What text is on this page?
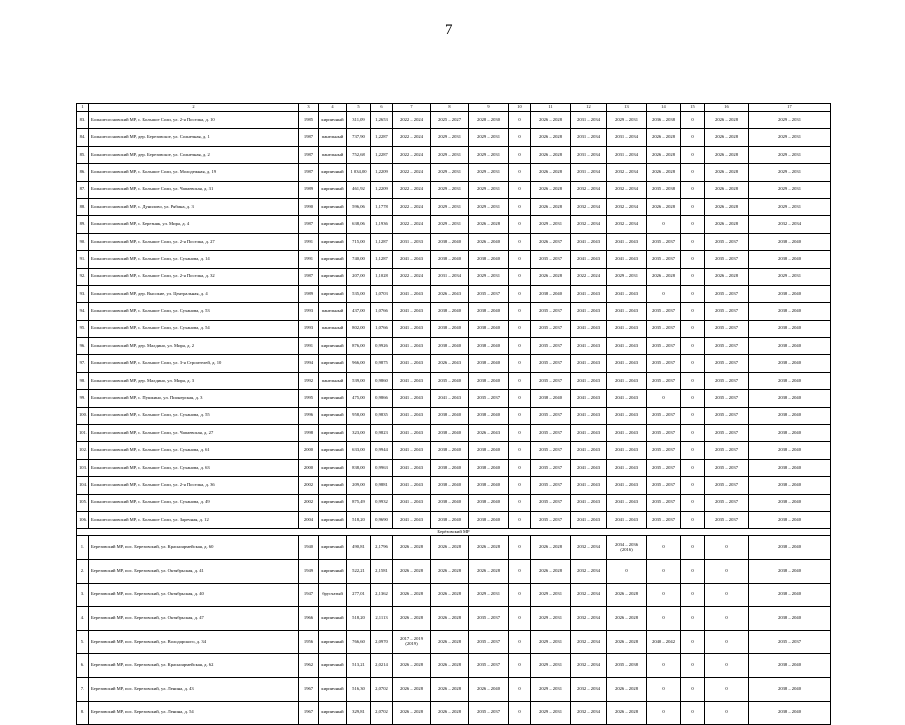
7
1	2	3	4	5	6	7	8	9	10	11	12	13	14	15	16	17
83.	Большесосновский МР, с. Большое Соли, ул. 2-я Поселка, д. 10	1985	кирпичный	311,09	1,2653	2022 – 2024	2025 – 2027	2028 – 2030	0	2026 – 2028	2031 – 2034	2029 – 2031	2036 – 2038	0	2026 – 2028	2029 – 2031
84.	Большесосновский МР, дер. Березовское, ул. Солнечная, д. 1	1987	панельный	737,90	1,2287	2022 – 2024	2029 – 2031	2029 – 2031	0	2026 – 2028	2031 – 2034	2031 – 2034	2026 – 2028	0	2026 – 2028	2029 – 2031
85.	Большесосновский МР, дер. Березовское, ул. Солнечная, д. 2	1987	панельный	752,68	1,2287	2022 – 2024	2029 – 2031	2029 – 2031	0	2026 – 2028	2031 – 2034	2031 – 2034	2026 – 2028	0	2026 – 2028	2029 – 2031
86.	Большесосновский МР, с. Большое Соли, ул. Молодежная, д. 19	1987	кирпичный	1 034,00	1,2209	2022 – 2024	2029 – 2031	2029 – 2031	0	2026 – 2028	2031 – 2034	2032 – 2034	2026 – 2028	0	2026 – 2028	2029 – 2031
87.	Большесосновский МР, с. Большое Соли, ул. Чапаевская, д. 31	1989	кирпичный	461,92	1,2209	2022 – 2024	2029 – 2031	2029 – 2031	0	2026 – 2028	2032 – 2034	2032 – 2034	2035 – 2038	0	2026 – 2028	2029 – 2031
88.	Большесосновский МР, с. Дунилово, ул. Рябина, д. 3	1990	кирпичный	596,06	1,1778	2022 – 2024	2029 – 2031	2029 – 2031	0	2026 – 2028	2032 – 2034	2032 – 2034	2026 – 2028	0	2026 – 2028	2029 – 2031
89.	Большесосновский МР, с. Березняк, ул. Мира, д. 4	1987	кирпичный	638,06	1,1936	2022 – 2024	2029 – 2031	2026 – 2028	0	2029 – 2031	2032 – 2034	2032 – 2034	0	0	2026 – 2028	2032 – 2034
90.	Большесосновский МР, с. Большое Соли, ул. 2-я Поселка, д. 27	1991	кирпичный	715,00	1,1287	2031 – 2033	2038 – 2040	2026 – 2040	0	2026 – 2037	2041 – 2043	2041 – 2043	2035 – 2037	0	2035 – 2037	2038 – 2040
91.	Большесосновский МР, с. Большое Соли, ул. Суханова, д. 14	1991	кирпичный	740,00	1,1287	2041 – 2043	2038 – 2040	2038 – 2040	0	2035 – 2037	2041 – 2043	2041 – 2043	2035 – 2037	0	2035 – 2037	2038 – 2040
92.	Большесосновский МР, с. Большое Соли, ул. 2-я Поселка, д. 32	1987	кирпичный	207,00	1,1028	2022 – 2024	2031 – 2034	2029 – 2031	0	2026 – 2028	2022 – 2024	2029 – 2031	2026 – 2028	0	2026 – 2028	2029 – 2031
93.	Большесосновский МР, дер. Высокие, ул. Центральная, д. 4	1989	кирпичный	535,00	1,0703	2041 – 2043	2026 – 2043	2035 – 2037	0	2038 – 2040	2041 – 2043	2041 – 2043	0	0	2035 – 2037	2038 – 2040
94.	Большесосновский МР, с. Большое Соли, ул. Суханова, д. 53	1993	панельный	437,00	1,0766	2041 – 2043	2038 – 2040	2038 – 2040	0	2035 – 2037	2041 – 2043	2041 – 2043	2035 – 2037	0	2035 – 2037	2038 – 2040
95.	Большесосновский МР, с. Большое Соли, ул. Суханова, д. 54	1993	панельный	802,00	1,0766	2041 – 2043	2038 – 2040	2038 – 2040	0	2035 – 2037	2041 – 2043	2041 – 2043	2035 – 2037	0	2035 – 2037	2038 – 2040
96.	Большесосновский МР, дер. Малдино, ул. Мира, д. 2	1991	кирпичный	876,00	0,9926	2041 – 2043	2038 – 2040	2038 – 2040	0	2035 – 2037	2041 – 2043	2041 – 2043	2035 – 2037	0	2035 – 2037	2038 – 2040
97.	Большесосновский МР, с. Большое Соли, ул. 3-я Строителей, д. 10	1994	кирпичный	966,00	0,9875	2041 – 2043	2026 – 2043	2038 – 2040	0	2035 – 2037	2041 – 2043	2041 – 2043	2035 – 2037	0	2035 – 2037	2038 – 2040
98.	Большесосновский МР, дер. Малдино, ул. Мира, д. 3	1992	панельный	539,00	0,9860	2041 – 2043	2035 – 2040	2038 – 2040	0	2035 – 2037	2041 – 2043	2041 – 2043	2035 – 2037	0	2035 – 2037	2038 – 2040
99.	Большесосновский МР, с. Пушкино, ул. Пионерская, д. 3	1995	кирпичный	475,00	0,9866	2041 – 2043	2041 – 2043	2035 – 2037	0	2038 – 2040	2041 – 2043	2041 – 2043	0	0	2035 – 2037	2038 – 2040
100.	Большесосновский МР, с. Большое Соли, ул. Суханова, д. 55	1996	кирпичный	958,00	0,9835	2041 – 2043	2038 – 2040	2038 – 2040	0	2035 – 2037	2041 – 2043	2041 – 2043	2035 – 2037	0	2035 – 2037	2038 – 2040
101.	Большесосновский МР, с. Большое Соли, ул. Чапаевская, д. 27	1998	кирпичный	323,00	0,9823	2041 – 2043	2038 – 2040	2026 – 2043	0	2035 – 2037	2041 – 2043	2041 – 2043	2035 – 2037	0	2035 – 2037	2038 – 2040
102.	Большесосновский МР, с. Большое Соли, ул. Суханова, д. 61	2000	кирпичный	633,00	0,9944	2041 – 2043	2038 – 2040	2038 – 2040	0	2035 – 2037	2041 – 2043	2041 – 2043	2035 – 2037	0	2035 – 2037	2038 – 2040
103.	Большесосновский МР, с. Большое Соли, ул. Суханова, д. 63	2000	кирпичный	838,00	0,9963	2041 – 2043	2038 – 2040	2038 – 2040	0	2035 – 2037	2041 – 2043	2041 – 2043	2035 – 2037	0	2035 – 2037	2038 – 2040
104.	Большесосновский МР, с. Большое Соли, ул. 2-я Поселка, д. 36	2002	кирпичный	209,00	0,9881	2041 – 2043	2038 – 2040	2038 – 2040	0	2035 – 2037	2041 – 2043	2041 – 2043	2035 – 2037	0	2035 – 2037	2038 – 2040
105.	Большесосновский МР, с. Большое Соли, ул. Суханова, д. 49	2002	кирпичный	875,49	0,9932	2041 – 2043	2038 – 2040	2038 – 2040	0	2035 – 2037	2041 – 2043	2041 – 2043	2035 – 2037	0	2035 – 2037	2038 – 2040
106.	Большесосновский МР, с. Большое Соли, ул. Заречная, д. 12	2004	кирпичный	518,20	0,9690	2041 – 2043	2038 – 2040	2038 – 2040	0	2035 – 2037	2041 – 2043	2041 – 2043	2035 – 2037	0	2035 – 2037	2038 – 2040
Берёзовский МР																
1.	Березовский МР, пос. Березовский, ул. Красноармейская, д. 60	1940	кирпичный	490,81	2,1796	2026 – 2028	2026 – 2028	2026 – 2028	0	2026 – 2028	2032 – 2034	2034 – 2036 (2016)	0	0	0	2038 – 2040
2.	Березовский МР, пос. Березовский, ул. Октябрьская, д. 41	1949	кирпичный	522,21	2,1581	2026 – 2028	2026 – 2028	2026 – 2028	0	2026 – 2028	2032 – 2034	0	0	0	0	2038 – 2040
3.	Березовский МР, пос. Березовский, ул. Октябрьская, д. 40	1947	брусчатый	277,01	2,1362	2026 – 2028	2026 – 2028	2029 – 2031	0	2029 – 2031	2032 – 2034	2026 – 2028	0	0	0	2038 – 2040
4.	Березовский МР, пос. Березовский, ул. Октябрьская, д. 47	1966	кирпичный	518,20	2,1113	2026 – 2028	2026 – 2028	2035 – 2037	0	2029 – 2031	2032 – 2034	2026 – 2028	0	0	0	2038 – 2040
5.	Березовский МР, пос. Березовский, ул. Володарского, д. 34	1956	кирпичный	766,60	2,0970	2017 – 2019 (2019)	2026 – 2028	2035 – 2037	0	2029 – 2031	2032 – 2034	2026 – 2028	2040 – 2042	0	0	2035 – 2037
6.	Березовский МР, пос. Березовский, ул. Красноармейская, д. 62	1962	кирпичный	513,21	2,0214	2026 – 2028	2026 – 2028	2035 – 2037	0	2029 – 2031	2032 – 2034	2035 – 2038	0	0	0	2038 – 2040
7.	Березовский МР, пос. Березовский, ул. Ленина, д. 43	1967	кирпичный	516,30	2,0702	2026 – 2028	2026 – 2028	2026 – 2040	0	2029 – 2031	2032 – 2034	2026 – 2028	0	0	0	2038 – 2040
8.	Березовский МР, пос. Березовский, ул. Ленина, д. 54	1967	кирпичный	329,81	2,0702	2026 – 2028	2026 – 2028	2035 – 2037	0	2029 – 2031	2032 – 2034	2026 – 2028	0	0	0	2038 – 2040
